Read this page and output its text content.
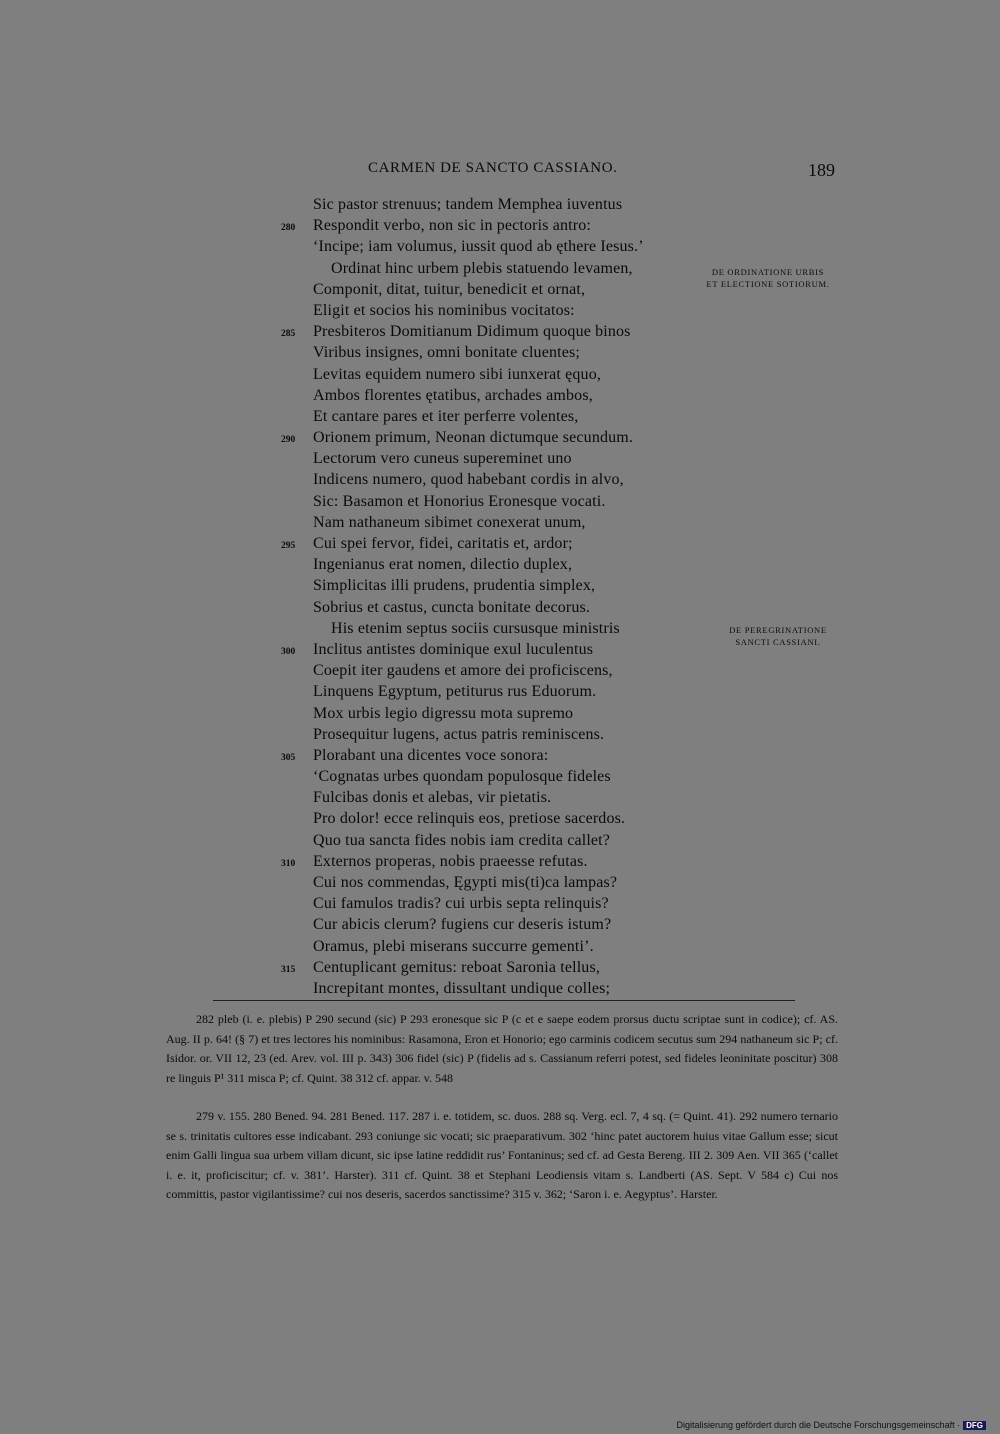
CARMEN DE SANCTO CASSIANO.	189
Sic pastor strenuus; tandem Memphea iuventus
280 Respondit verbo, non sic in pectoris antro:
‘Incipe; iam volumus, iussit quod ab ęthere Iesus.’
Ordinat hinc urbem plebis statuendo levamen,
Componit, ditat, tuitur, benedicit et ornat,
Eligit et socios his nominibus vocitatos:
285 Presbiteros Domitianum Didimum quoque binos
Viribus insignes, omni bonitate cluentes;
Levitas equidem numero sibi iunxerat ęquo,
Ambos florentes ętatibus, archades ambos,
Et cantare pares et iter perferre volentes,
290 Orionem primum, Neonan dictumque secundum.
Lectorum vero cuneus supereminet uno
Indicens numero, quod habebant cordis in alvo,
Sic: Basamon et Honorius Eronesque vocati.
Nam nathaneum sibimet conexerat unum,
295 Cui spei fervor, fidei, caritatis et, ardor;
Ingenianus erat nomen, dilectio duplex,
Simplicitas illi prudens, prudentia simplex,
Sobrius et castus, cuncta bonitate decorus.
His etenim septus sociis cursusque ministris
300 Inclitus antistes dominique exul luculentus
Coepit iter gaudens et amore dei proficiscens,
Linquens Egyptum, petiturus rus Eduorum.
Mox urbis legio digressu mota supremo
Prosequitur lugens, actus patris reminiscens.
305 Plorabant una dicentes voce sonora:
‘Cognatas urbes quondam populosque fideles
Fulcibas donis et alebas, vir pietatis.
Pro dolor! ecce relinquis eos, pretiose sacerdos.
Quo tua sancta fides nobis iam credita callet?
310 Externos properas, nobis praeesse refutas.
Cui nos commendas, Ęgypti mis(ti)ca lampas?
Cui famulos tradis? cui urbis septa relinquis?
Cur abicis clerum? fugiens cur deseris istum?
Oramus, plebi miserans succurre gementi’.
315 Centuplicant gemitus: reboat Saronia tellus,
Increpitant montes, dissultant undique colles;
DE ORDINATIONE URBIS
ET ELECTIONE SOTIORUM.
DE PEREGRINATIONE
SANCTI CASSIANI.

282 pleb (i. e. plebis) P 290 secund (sic) P 293 eronesque sic P (c et e saepe eodem prorsus ductu scriptae sunt in codice); cf. AS. Aug. II p. 64! (§ 7) et tres lectores his nominibus: Rasamona, Eron et Honorio; ego carminis codicem secutus sum 294 nathaneum sic P; cf. Isidor. or. VII 12, 23 (ed. Arev. vol. III p. 343) 306 fidel (sic) P (fidelis ad s. Cassianum referri potest, sed fideles leoninitate poscitur) 308 re linguis P¹ 311 misca P; cf. Quint. 38 312 cf. appar. v. 548

279 v. 155. 280 Bened. 94. 281 Bened. 117. 287 i. e. totidem, sc. duos. 288 sq. Verg. ecl. 7, 4 sq. (= Quint. 41). 292 numero ternario se s. trinitatis cultores esse indicabant. 293 coniunge sic vocati; sic praeparativum. 302 ‘hinc patet auctorem huius vitae Gallum esse; sicut enim Galli lingua sua urbem villam dicunt, sic ipse latine reddidit rus’ Fontaninus; sed cf. ad Gesta Bereng. III 2. 309 Aen. VII 365 (‘callet i. e. it, proficiscitur; cf. v. 381’. Harster). 311 cf. Quint. 38 et Stephani Leodiensis vitam s. Landberti (AS. Sept. V 584 c) Cui nos committis, pastor vigilantissime? cui nos deseris, sacerdos sanctissime? 315 v. 362; ‘Saron i. e. Aegyptus’. Harster.

Digitalisierung gefördert durch die Deutsche Forschungsgemeinschaft · DFG
